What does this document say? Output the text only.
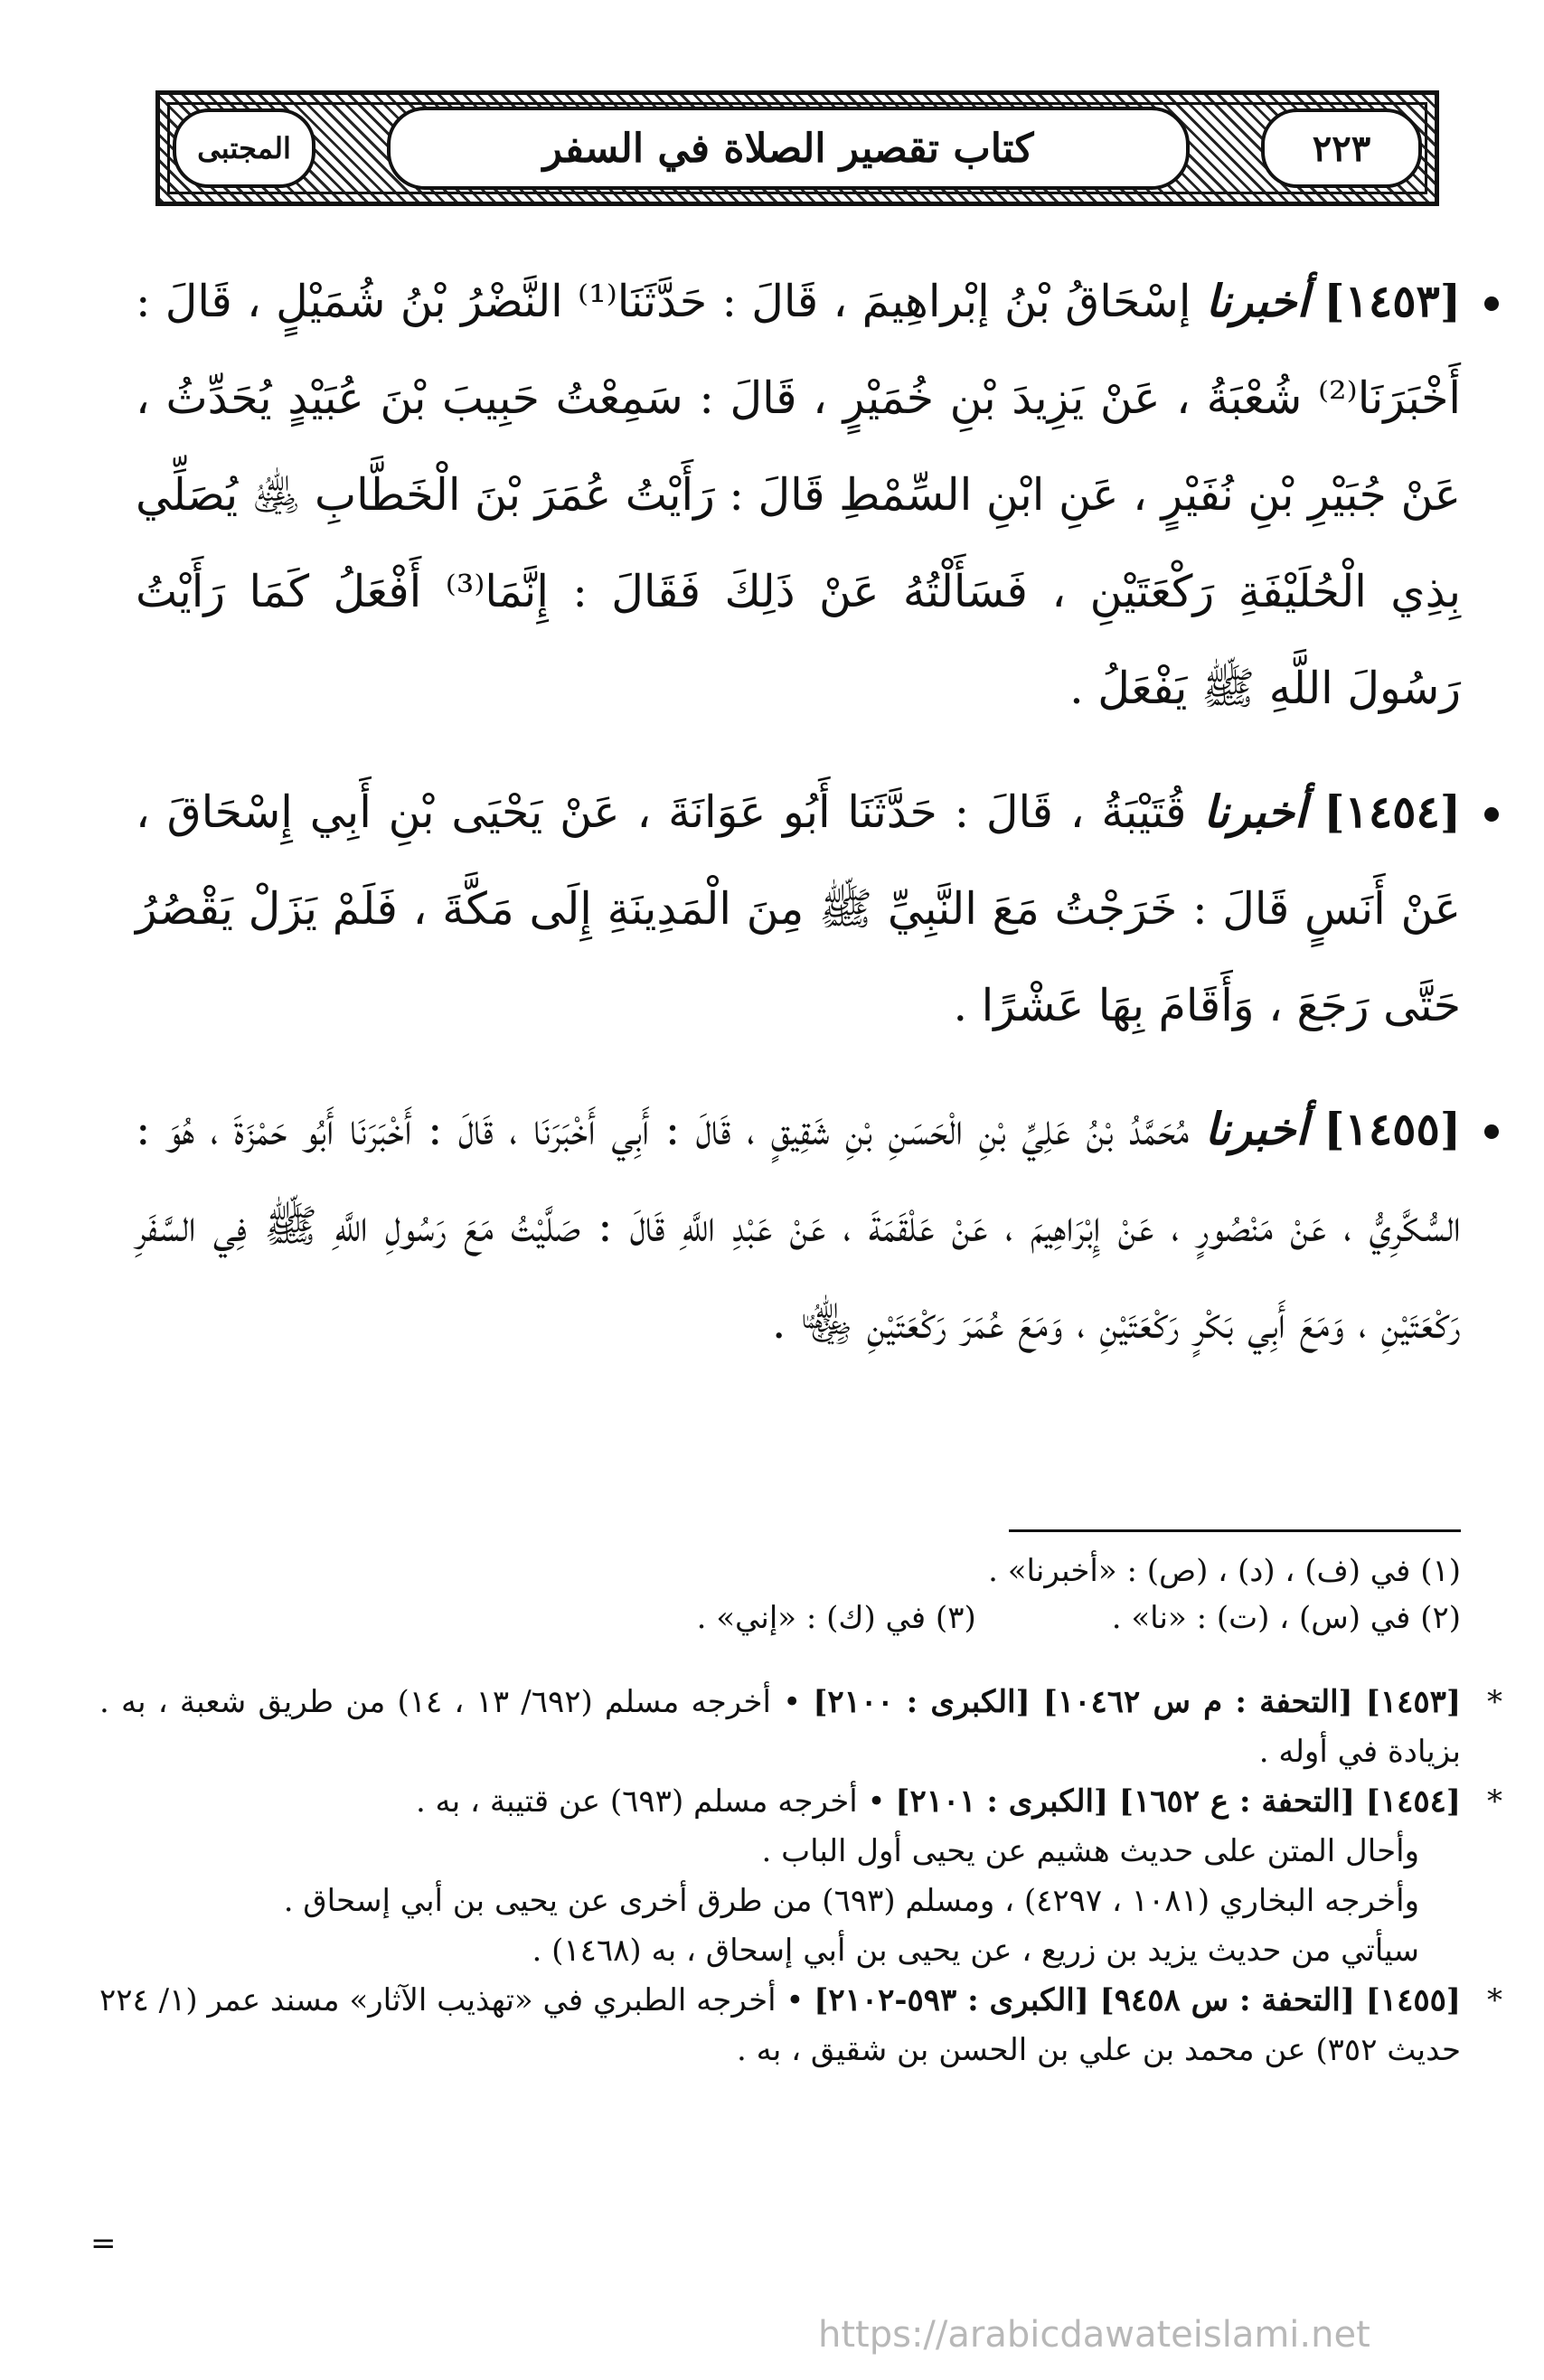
٢٢٣
كتاب تقصير الصلاة في السفر
المجتبى

[١٤٥٣] أخبرنا إسْحَاقُ بْنُ إبْراهِيمَ ، قَالَ : حَدَّثَنَا⁽¹⁾ النَّضْرُ بْنُ شُمَيْلٍ ، قَالَ : أَخْبَرَنَا⁽²⁾ شُعْبَةُ ، عَنْ يَزِيدَ بْنِ خُمَيْرٍ ، قَالَ : سَمِعْتُ حَبِيبَ بْنَ عُبَيْدٍ يُحَدِّثُ ، عَنْ جُبَيْرِ بْنِ نُفَيْرٍ ، عَنِ ابْنِ السِّمْطِ قَالَ : رَأَيْتُ عُمَرَ بْنَ الْخَطَّابِ ﵁ يُصَلِّي بِذِي الْحُلَيْفَةِ رَكْعَتَيْنِ ، فَسَأَلْتُهُ عَنْ ذَلِكَ فَقَالَ : إِنَّمَا⁽³⁾ أَفْعَلُ كَمَا رَأَيْتُ رَسُولَ اللَّهِ ﷺ يَفْعَلُ .

[١٤٥٤] أخبرنا قُتَيْبَةُ ، قَالَ : حَدَّثَنَا أَبُو عَوَانَةَ ، عَنْ يَحْيَى بْنِ أَبِي إِسْحَاقَ ، عَنْ أَنَسٍ قَالَ : خَرَجْتُ مَعَ النَّبِيِّ ﷺ مِنَ الْمَدِينَةِ إِلَى مَكَّةَ ، فَلَمْ يَزَلْ يَقْصُرُ حَتَّى رَجَعَ ، وَأَقَامَ بِهَا عَشْرًا .

[١٤٥٥] أخبرنا مُحَمَّدُ بْنُ عَلِيِّ بْنِ الْحَسَنِ بْنِ شَقِيقٍ ، قَالَ : أَبِي أَخْبَرَنَا ، قَالَ : أَخْبَرَنَا أَبُو حَمْزَةَ ، هُوَ : السُّكَّرِيُّ ، عَنْ مَنْصُورٍ ، عَنْ إِبْرَاهِيمَ ، عَنْ عَلْقَمَةَ ، عَنْ عَبْدِ اللَّهِ قَالَ : صَلَّيْتُ مَعَ رَسُولِ اللَّهِ ﷺ فِي السَّفَرِ رَكْعَتَيْنِ ، وَمَعَ أَبِي بَكْرٍ رَكْعَتَيْنِ ، وَمَعَ عُمَرَ رَكْعَتَيْنِ ﵄ .

(١) في (ف) ، (د) ، (ص) : «أخبرنا» .
(٢) في (س) ، (ت) : «نا» .
(٣) في (ك) : «إني» .

*
[١٤٥٣] [التحفة : م س ١٠٤٦٢] [الكبرى : ٢١٠٠] • أخرجه مسلم (٦٩٢/ ١٣ ، ١٤) من طريق شعبة ، به . بزيادة في أوله .

*
[١٤٥٤] [التحفة : ع ١٦٥٢] [الكبرى : ٢١٠١] • أخرجه مسلم (٦٩٣) عن قتيبة ، به .

وأحال المتن على حديث هشيم عن يحيى أول الباب .

وأخرجه البخاري (١٠٨١ ، ٤٢٩٧) ، ومسلم (٦٩٣) من طرق أخرى عن يحيى بن أبي إسحاق .

سيأتي من حديث يزيد بن زريع ، عن يحيى بن أبي إسحاق ، به (١٤٦٨) .

*
[١٤٥٥] [التحفة : س ٩٤٥٨] [الكبرى : ٥٩٣-٢١٠٢] • أخرجه الطبري في «تهذيب الآثار» مسند عمر (١/ ٢٢٤ حديث ٣٥٢) عن محمد بن علي بن الحسن بن شقيق ، به .

=
https://arabicdawateislami.net
